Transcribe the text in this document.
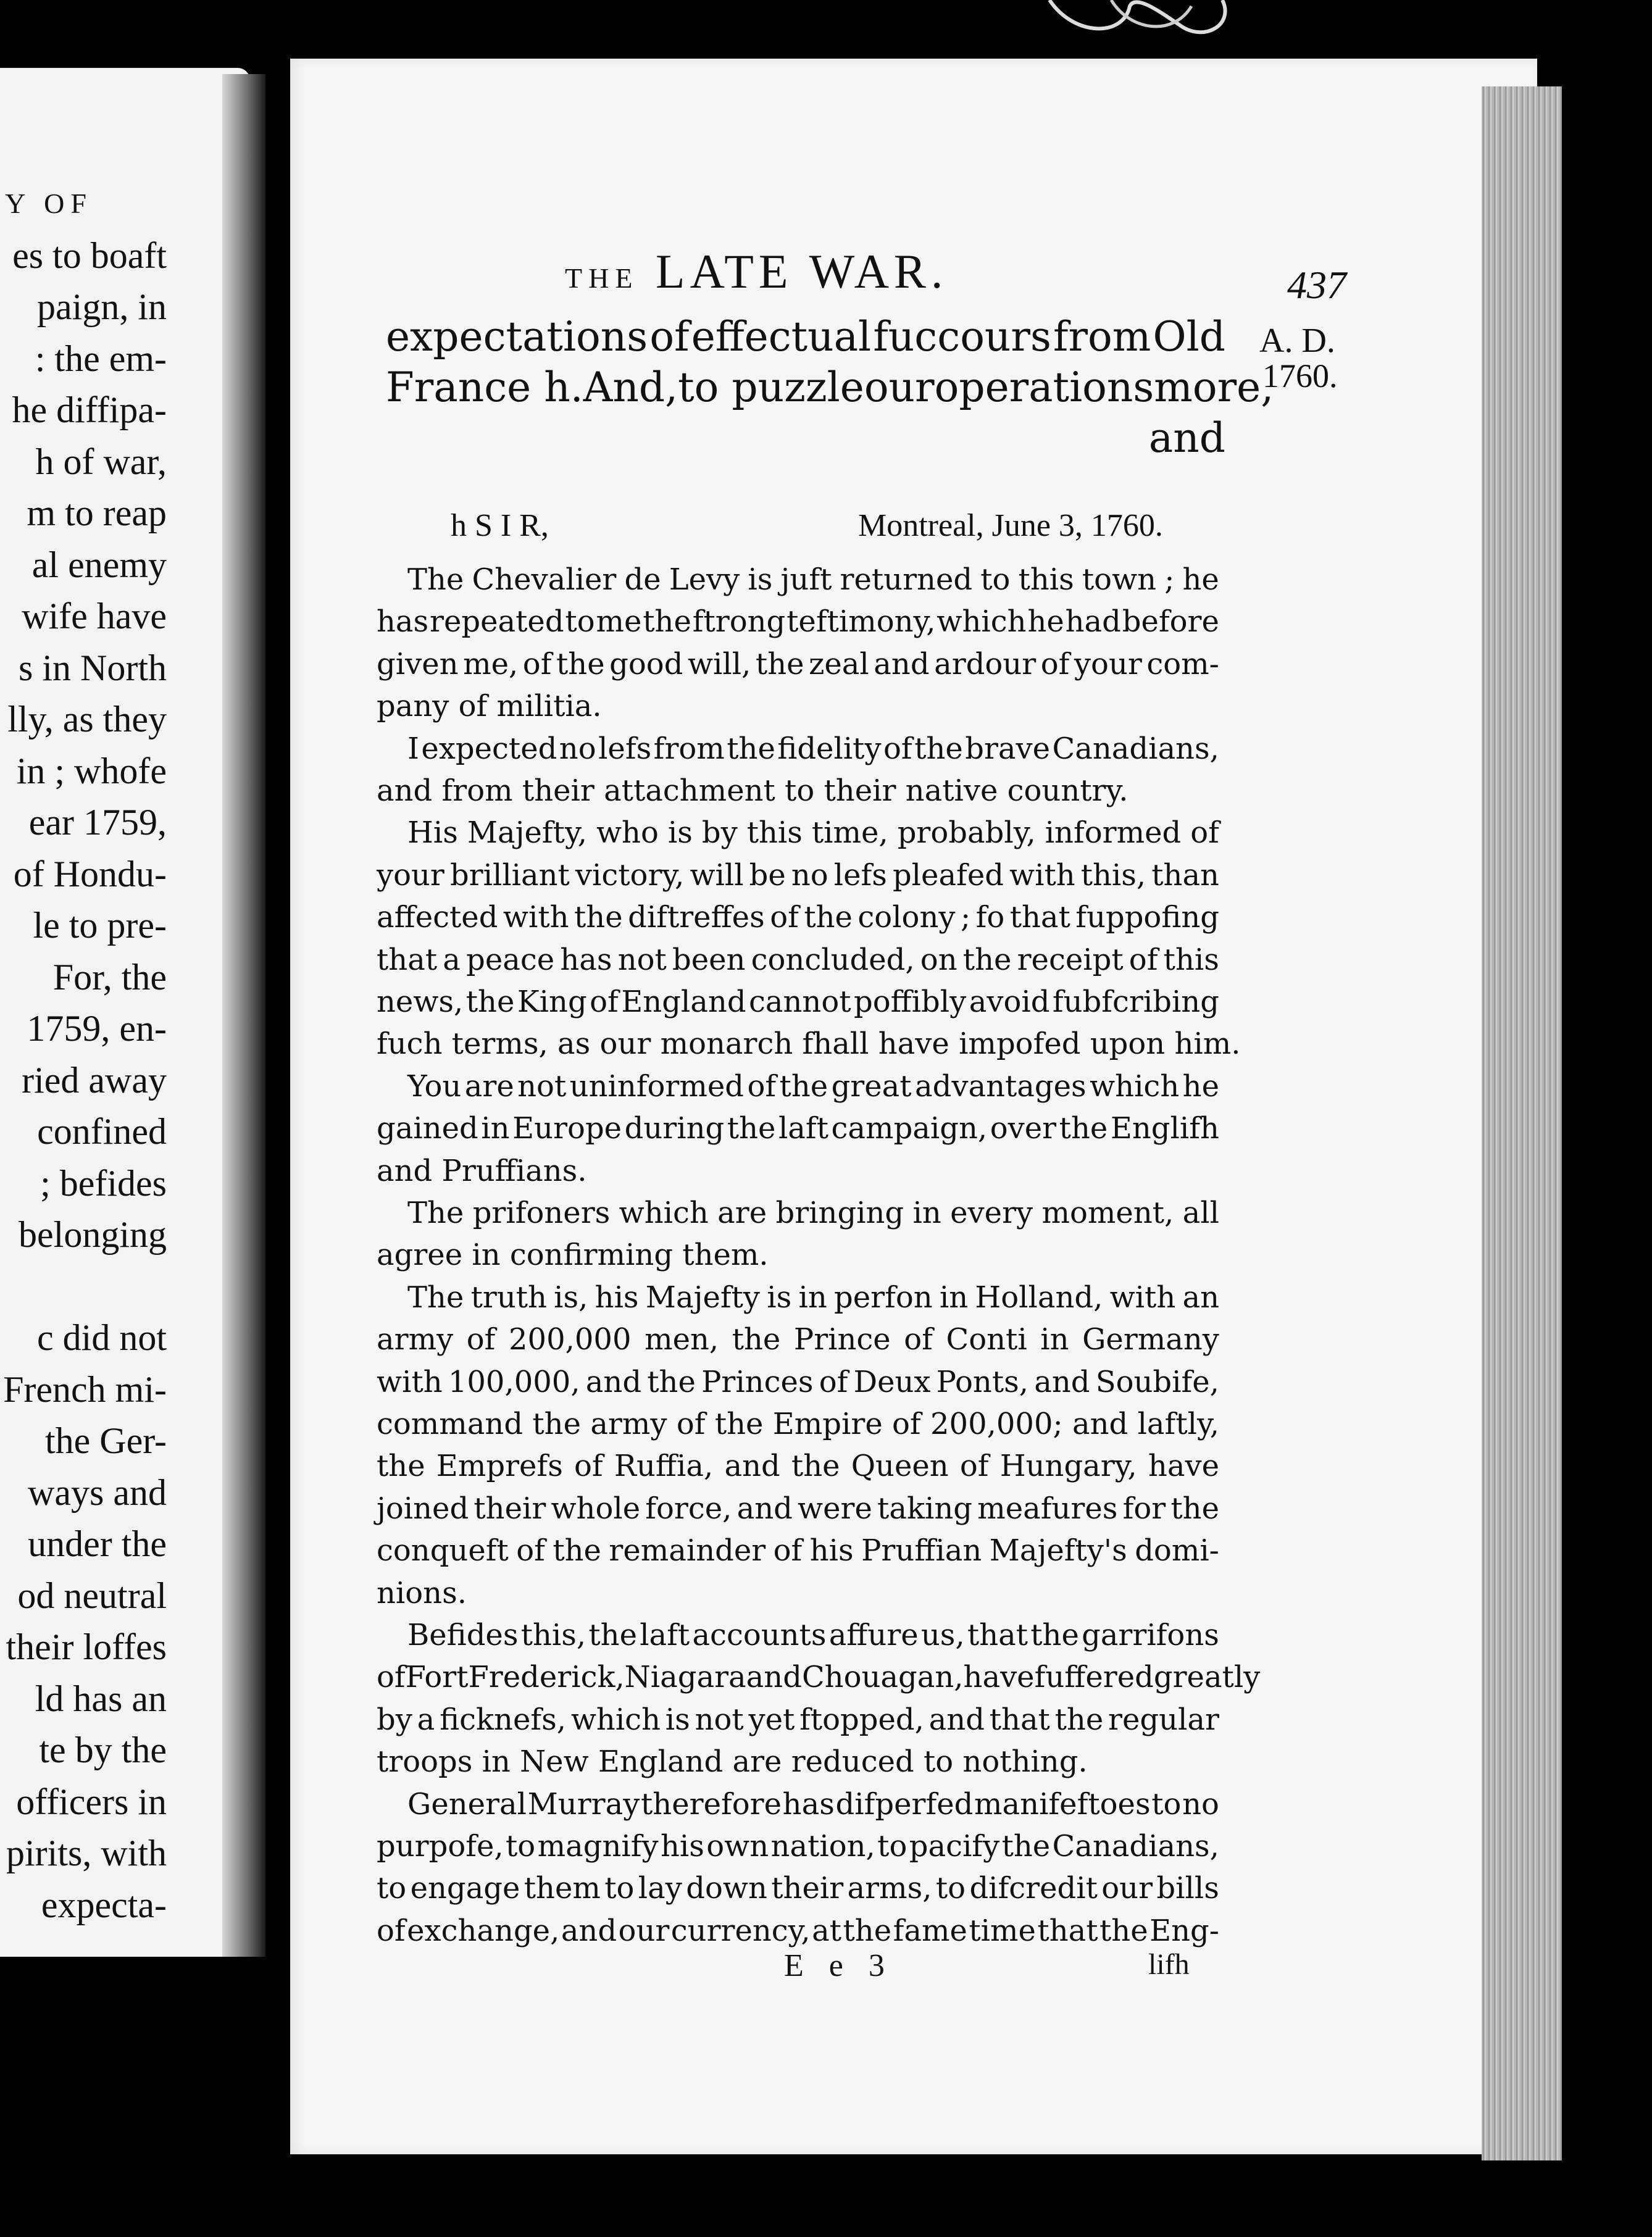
Y OF
es to boaft
paign, in
: the em-
he diffipa-
h of war,
m to reap
al enemy
wife have
s in North
lly, as they
in ; whofe
ear 1759,
of Hondu-
le to pre-
For, the
1759, en-
ried away
confined
; befides
belonging
c did not
French mi-
the Ger-
ways and
under the
od neutral
their loffes
ld has an
te by the
officers in
pirits, with
expecta-
THE LATE WAR.	437
A. D.
1760.
expectations of effectual fuccours from Old
France h. And, to puzzle our operations more,
and
h S I R,	Montreal, June 3, 1760.
The Chevalier de Levy is juft returned to this town ; he
has repeated to me the ftrong teftimony, which he had before
given me, of the good will, the zeal and ardour of your com-
pany of militia.
I expected no lefs from the fidelity of the brave Canadians,
and from their attachment to their native country.
His Majefty, who is by this time, probably, informed of
your brilliant victory, will be no lefs pleafed with this, than
affected with the diftreffes of the colony ; fo that fuppofing
that a peace has not been concluded, on the receipt of this
news, the King of England cannot poffibly avoid fubfcribing
fuch terms, as our monarch fhall have impofed upon him.
You are not uninformed of the great advantages which he
gained in Europe during the laft campaign, over the Englifh
and Pruffians.
The prifoners which are bringing in every moment, all
agree in confirming them.
The truth is, his Majefty is in perfon in Holland, with an
army of 200,000 men, the Prince of Conti in Germany
with 100,000, and the Princes of Deux Ponts, and Soubife,
command the army of the Empire of 200,000; and laftly,
the Emprefs of Ruffia, and the Queen of Hungary, have
joined their whole force, and were taking meafures for the
conqueft of the remainder of his Pruffian Majefty's domi-
nions.
Befides this, the laft accounts affure us, that the garrifons
of Fort Frederick, Niagara and Chouagan, have fuffered greatly
by a ficknefs, which is not yet ftopped, and that the regular
troops in New England are reduced to nothing.
General Murray therefore has difperfed manifeftoes to no
purpofe, to magnify his own nation, to pacify the Canadians,
to engage them to lay down their arms, to difcredit our bills
of exchange, and our currency, at the fame time that the Eng-
E e 3	lifh
